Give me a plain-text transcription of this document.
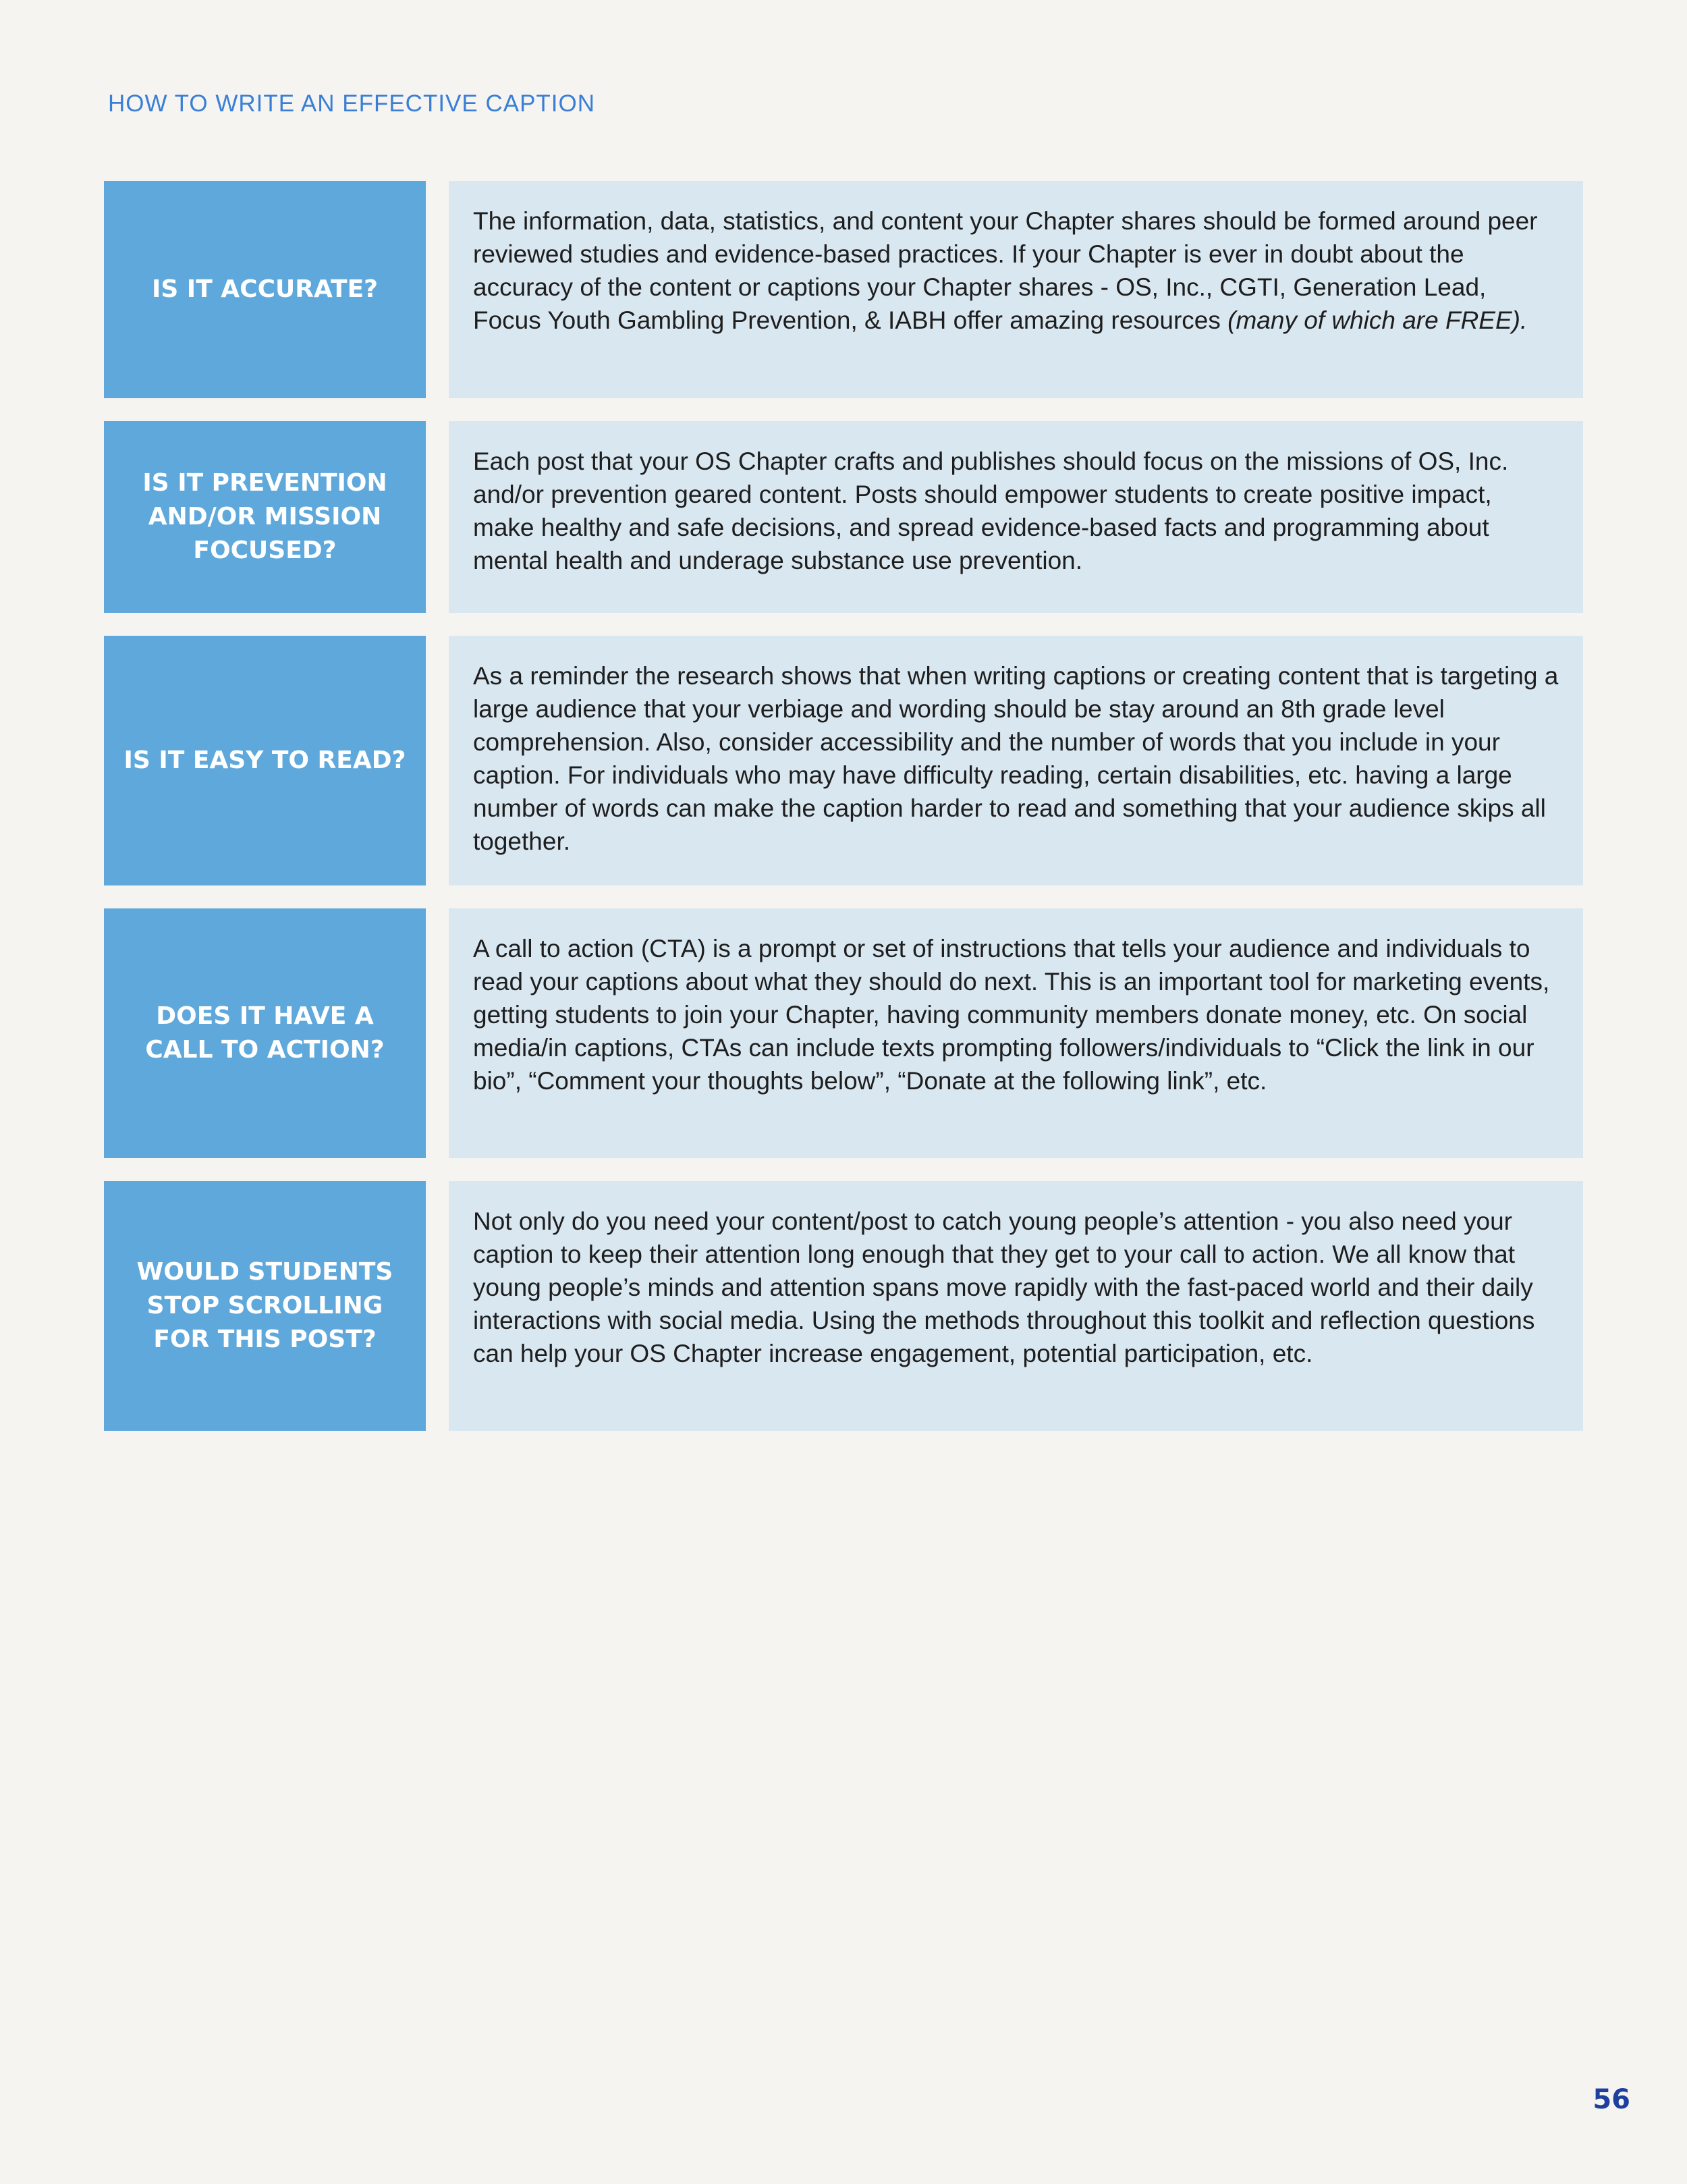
HOW TO WRITE AN EFFECTIVE CAPTION
IS IT ACCURATE?
The information, data, statistics, and content your Chapter shares should be formed around peer reviewed studies and evidence-based practices. If your Chapter is ever in doubt about the accuracy of the content or captions your Chapter shares - OS, Inc., CGTI, Generation Lead, Focus Youth Gambling Prevention, & IABH offer amazing resources (many of which are FREE).
IS IT PREVENTION
AND/OR MISSION
FOCUSED?
Each post that your OS Chapter crafts and publishes should focus on the missions of OS, Inc. and/or prevention geared content. Posts should empower students to create positive impact, make healthy and safe decisions, and spread evidence-based facts and programming about mental health and underage substance use prevention.
IS IT EASY TO READ?
As a reminder the research shows that when writing captions or creating content that is targeting a large audience that your verbiage and wording should be stay around an 8th grade level comprehension. Also, consider accessibility and the number of words that you include in your caption. For individuals who may have difficulty reading, certain disabilities, etc. having a large number of words can make the caption harder to read and something that your audience skips all together.
DOES IT HAVE A
CALL TO ACTION?
A call to action (CTA) is a prompt or set of instructions that tells your audience and individuals to read your captions about what they should do next. This is an important tool for marketing events, getting students to join your Chapter, having community members donate money, etc. On social media/in captions, CTAs can include texts prompting followers/individuals to “Click the link in our bio”, “Comment your thoughts below”, “Donate at the following link”, etc.
WOULD STUDENTS
STOP SCROLLING
FOR THIS POST?
Not only do you need your content/post to catch young people’s attention - you also need your caption to keep their attention long enough that they get to your call to action. We all know that young people’s minds and attention spans move rapidly with the fast-paced world and their daily interactions with social media. Using the methods throughout this toolkit and reflection questions can help your OS Chapter increase engagement, potential participation, etc.
56
